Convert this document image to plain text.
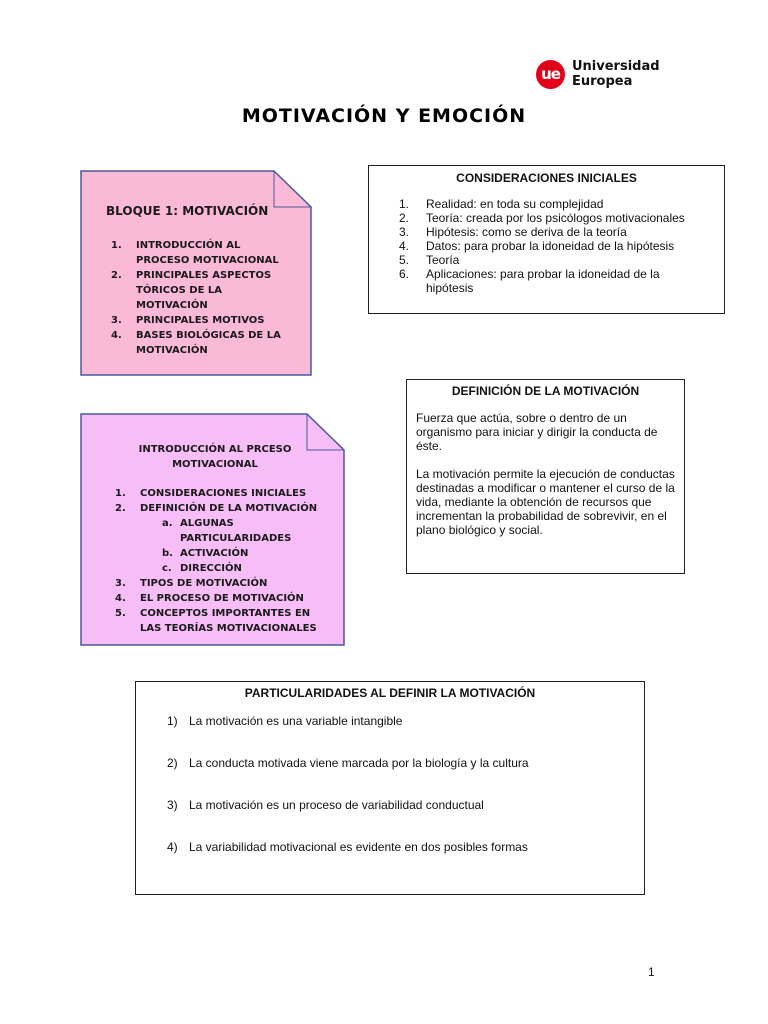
ue Universidad
Europea
MOTIVACIÓN Y EMOCIÓN
BLOQUE 1: MOTIVACIÓN
1. INTRODUCCIÓN AL
PROCESO MOTIVACIONAL
2. PRINCIPALES ASPECTOS
TÓRICOS DE LA
MOTIVACIÓN
3. PRINCIPALES MOTIVOS
4. BASES BIOLÓGICAS DE LA
MOTIVACIÓN
INTRODUCCIÓN AL PRCESO
MOTIVACIONAL
1. CONSIDERACIONES INICIALES
2. DEFINICIÓN DE LA MOTIVACIÓN
a. ALGUNAS
PARTICULARIDADES
b. ACTIVACIÓN
c. DIRECCIÓN
3. TIPOS DE MOTIVACIÓN
4. EL PROCESO DE MOTIVACIÓN
5. CONCEPTOS IMPORTANTES EN
LAS TEORÍAS MOTIVACIONALES
CONSIDERACIONES INICIALES
1. Realidad: en toda su complejidad
2. Teoría: creada por los psicólogos motivacionales
3. Hipótesis: como se deriva de la teoría
4. Datos: para probar la idoneidad de la hipótesis
5. Teoría
6. Aplicaciones: para probar la idoneidad de la
hipótesis
DEFINICIÓN DE LA MOTIVACIÓN
Fuerza que actúa, sobre o dentro de un organismo para iniciar y dirigir la conducta de éste.
La motivación permite la ejecución de conductas destinadas a modificar o mantener el curso de la vida, mediante la obtención de recursos que incrementan la probabilidad de sobrevivir, en el plano biológico y social.
PARTICULARIDADES AL DEFINIR LA MOTIVACIÓN
1) La motivación es una variable intangible
2) La conducta motivada viene marcada por la biología y la cultura
3) La motivación es un proceso de variabilidad conductual
4) La variabilidad motivacional es evidente en dos posibles formas
1
